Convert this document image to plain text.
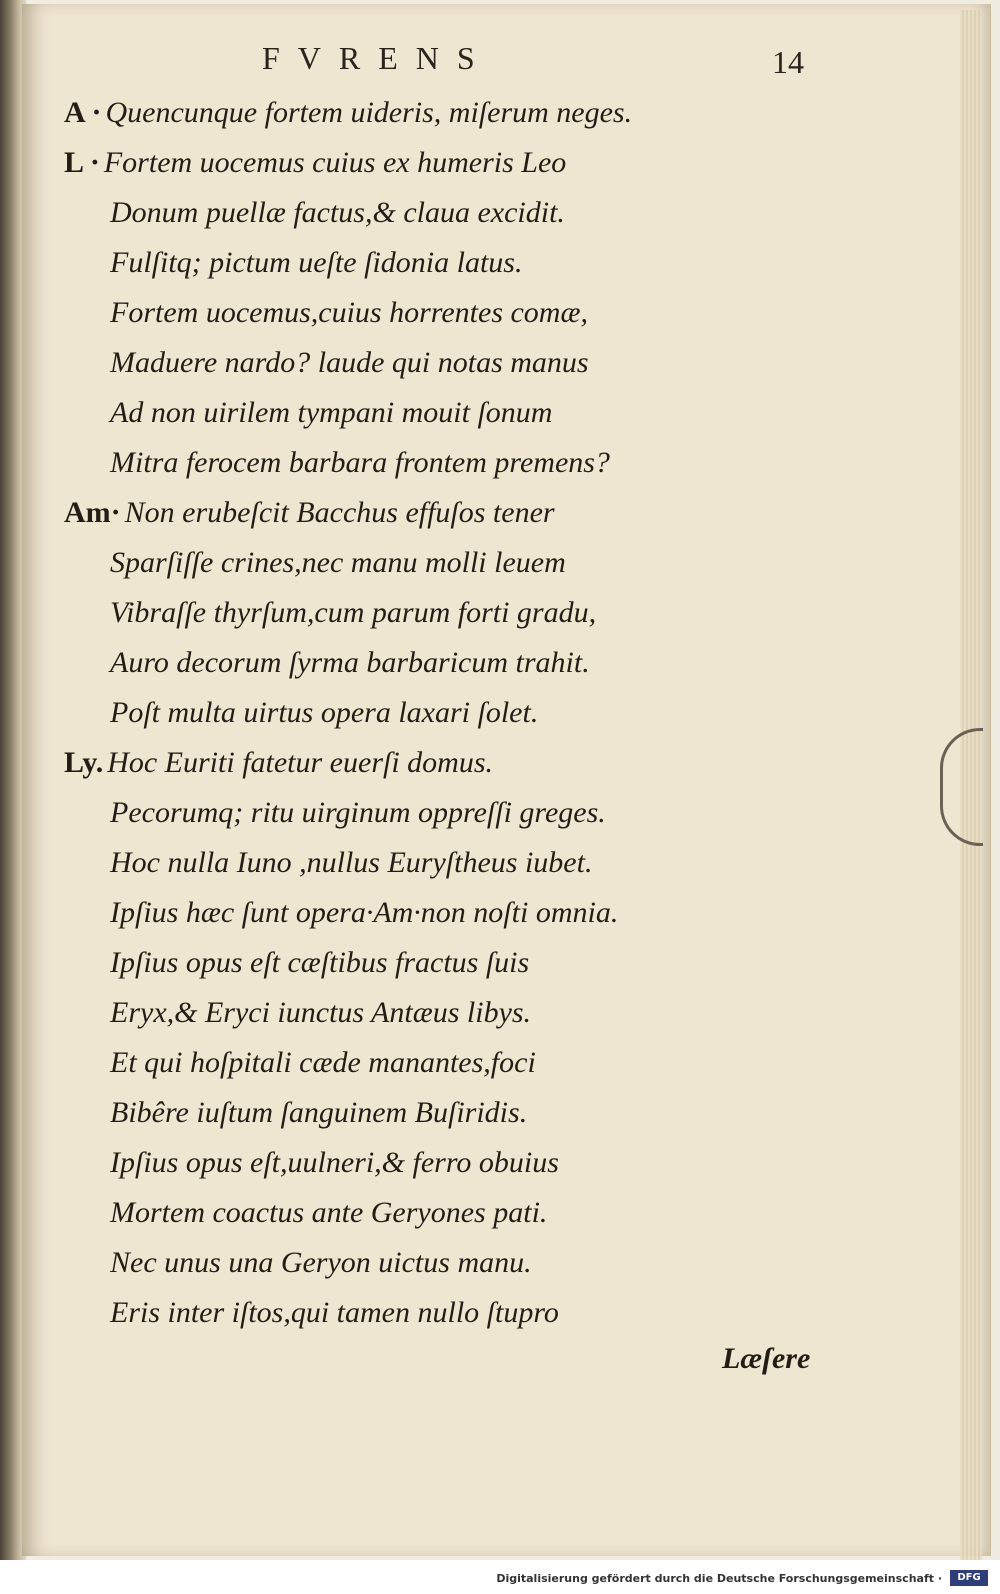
FVRENS	14
A · Quencunque fortem uideris, miſerum neges.
L · Fortem uocemus cuius ex humeris Leo
Donum puellæ factus,& claua excidit.
Fulſitq; pictum ueſte ſidonia latus.
Fortem uocemus,cuius horrentes comæ,
Madu​ere nardo? laude qui notas manus
Ad non uirilem tympani mouit ſonum
Mitra ferocem barbara frontem premens?
Am· Non erubeſcit Bacchus effuſos tener
Sparſiſſe crines,nec manu molli leuem
Vibraſſe thyrſum,cum parum forti gradu,
Auro decorum ſyrma barbaricum trahit.
Poſt multa uirtus opera laxari ſolet.
Ly. Hoc Euriti fatetur euerſi domus.
Pecorumq; ritu uirginum oppreſſi greges.
Hoc nulla Iuno ,nullus Euryſtheus iubet.
Ipſius hæc ſunt opera·Am·non noſti omnia.
Ipſius opus eſt cæſtibus fractus ſuis
Eryx,& Eryci iunctus Antæus libys.
Et qui hoſpitali cæde manantes,foci
Bibêre iuſtum ſanguinem Buſiridis.
Ipſius opus eſt,uulneri,& ferro obuius
Mortem coactus ante Geryones pati.
Nec unus una Geryon uictus manu.
Eris inter iſtos,qui tamen nullo ſtupro
Læſere
Digitalisierung gefördert durch die Deutsche Forschungsgemeinschaft ·	DFG
